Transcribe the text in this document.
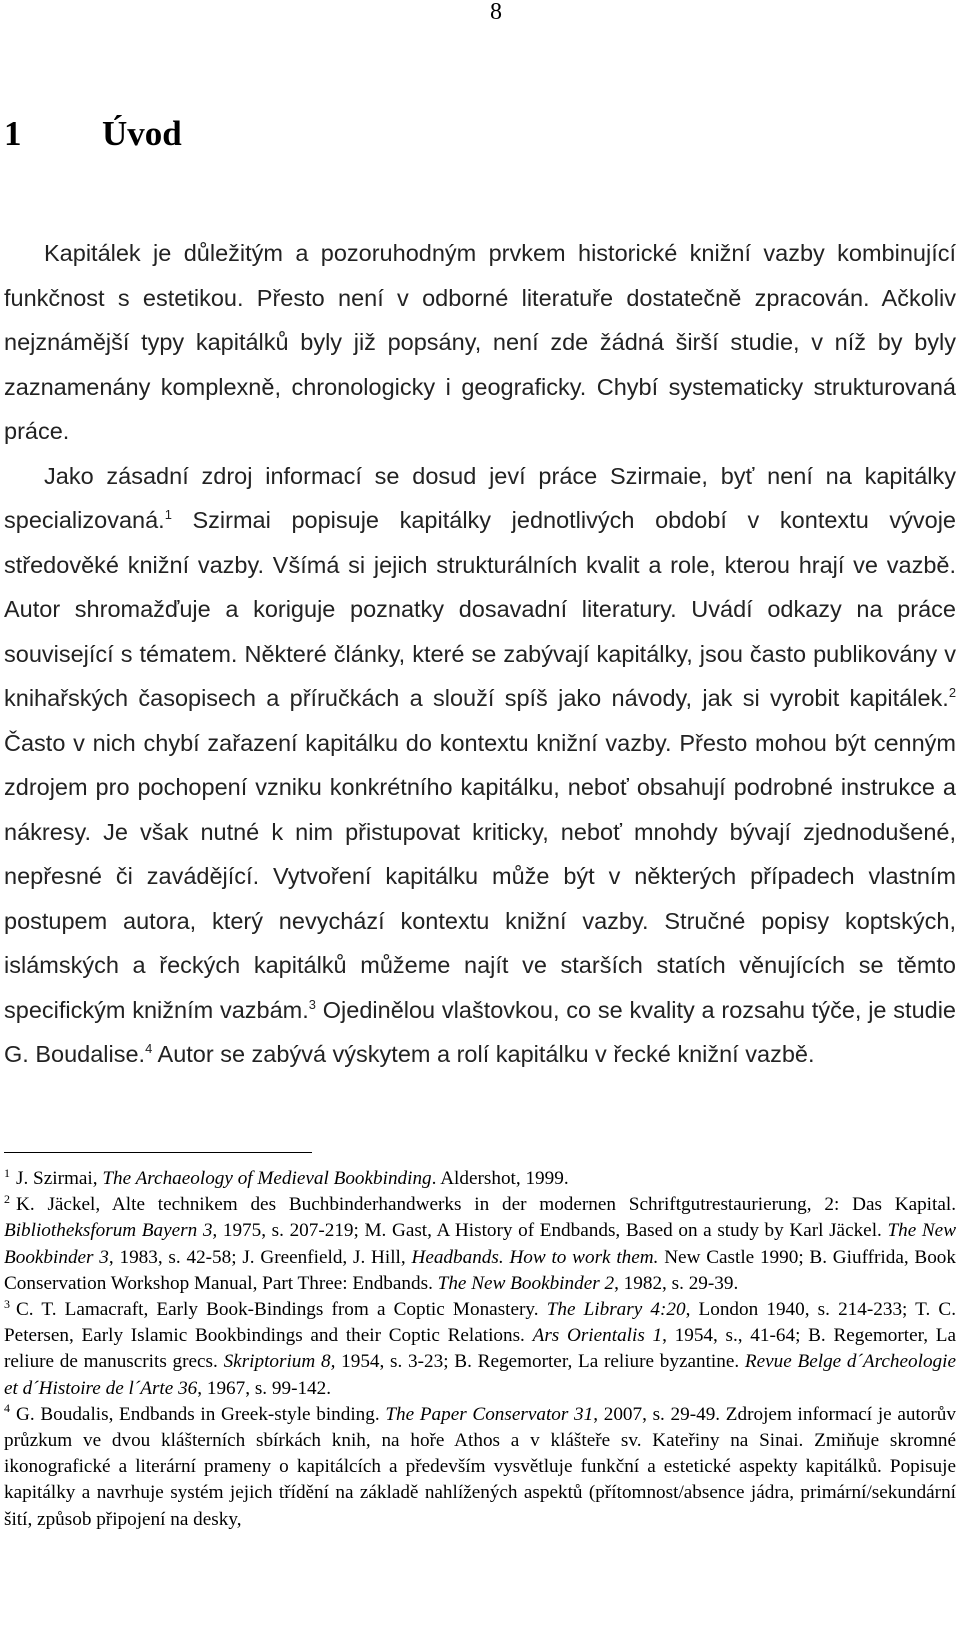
8
1 Úvod

Kapitálek je důležitým a pozoruhodným prvkem historické knižní vazby kombinující funkčnost s estetikou. Přesto není v odborné literatuře dostatečně zpracován. Ačkoliv nejznámější typy kapitálků byly již popsány, není zde žádná širší studie, v níž by byly zaznamenány komplexně, chronologicky i geograficky. Chybí systematicky strukturovaná práce.

Jako zásadní zdroj informací se dosud jeví práce Szirmaie, byť není na kapitálky specializovaná.$^1$ Szirmai popisuje kapitálky jednotlivých období v kontextu vývoje středověké knižní vazby. Všímá si jejich strukturálních kvalit a role, kterou hrají ve vazbě. Autor shromažďuje a koriguje poznatky dosavadní literatury. Uvádí odkazy na práce související s tématem. Některé články, které se zabývají kapitálky, jsou často publikovány v knihařských časopisech a příručkách a slouží spíš jako návody, jak si vyrobit kapitálek.$^2$ Často v nich chybí zařazení kapitálku do kontextu knižní vazby. Přesto mohou být cenným zdrojem pro pochopení vzniku konkrétního kapitálku, neboť obsahují podrobné instrukce a nákresy. Je však nutné k nim přistupovat kriticky, neboť mnohdy bývají zjednodušené, nepřesné či zavádějící. Vytvoření kapitálku může být v některých případech vlastním postupem autora, který nevychází kontextu knižní vazby. Stručné popisy koptských, islámských a řeckých kapitálků můžeme najít ve starších statích věnujících se těmto specifickým knižním vazbám.$^3$ Ojedinělou vlaštovkou, co se kvality a rozsahu týče, je studie G. Boudalise.$^4$ Autor se zabývá výskytem a rolí kapitálku v řecké knižní vazbě.

$^1$ J. Szirmai, The Archaeology of Medieval Bookbinding. Aldershot, 1999.

$^2$ K. Jäckel, Alte technikem des Buchbinderhandwerks in der modernen Schriftgutrestaurierung, 2: Das Kapital. Bibliotheksforum Bayern 3, 1975, s. 207-219; M. Gast, A History of Endbands, Based on a study by Karl Jäckel. The New Bookbinder 3, 1983, s. 42-58; J. Greenfield, J. Hill, Headbands. How to work them. New Castle 1990; B. Giuffrida, Book Conservation Workshop Manual, Part Three: Endbands. The New Bookbinder 2, 1982, s. 29-39.

$^3$ C. T. Lamacraft, Early Book-Bindings from a Coptic Monastery. The Library 4:20, London 1940, s. 214-233; T. C. Petersen, Early Islamic Bookbindings and their Coptic Relations. Ars Orientalis 1, 1954, s., 41-64; B. Regemorter, La reliure de manuscrits grecs. Skriptorium 8, 1954, s. 3-23; B. Regemorter, La reliure byzantine. Revue Belge d´Archeologie et d´Histoire de l´Arte 36, 1967, s. 99-142.

$^4$ G. Boudalis, Endbands in Greek-style binding. The Paper Conservator 31, 2007, s. 29-49. Zdrojem informací je autorův průzkum ve dvou klášterních sbírkách knih, na hoře Athos a v klášteře sv. Kateřiny na Sinai. Zmiňuje skromné ikonografické a literární prameny o kapitálcích a především vysvětluje funkční a estetické aspekty kapitálků. Popisuje kapitálky a navrhuje systém jejich třídění na základě nahlížených aspektů (přítomnost/absence jádra, primární/sekundární šití, způsob připojení na desky,
